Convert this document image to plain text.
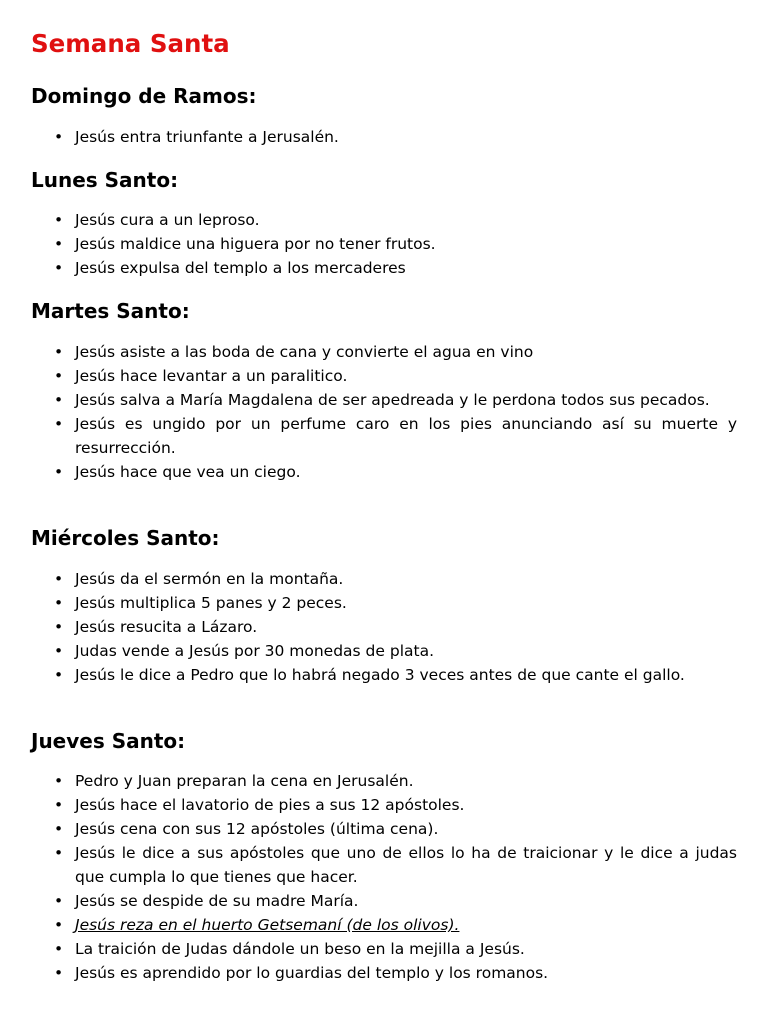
Semana Santa
Domingo de Ramos:
• Jesús entra triunfante a Jerusalén.
Lunes Santo:
• Jesús cura a un leproso.
• Jesús maldice una higuera por no tener frutos.
• Jesús expulsa del templo a los mercaderes
Martes Santo:
• Jesús asiste a las boda de cana y convierte el agua en vino
• Jesús hace levantar a un paralitico.
• Jesús salva a María Magdalena de ser apedreada y le perdona todos sus pecados.
• Jesús es ungido por un perfume caro en los pies anunciando así su muerte y resurrección.
• Jesús hace que vea un ciego.
Miércoles Santo:
• Jesús da el sermón en la montaña.
• Jesús multiplica 5 panes y 2 peces.
• Jesús resucita a Lázaro.
• Judas vende a Jesús por 30 monedas de plata.
• Jesús le dice a Pedro que lo habrá negado 3 veces antes de que cante el gallo.
Jueves Santo:
• Pedro y Juan preparan la cena en Jerusalén.
• Jesús hace el lavatorio de pies a sus 12 apóstoles.
• Jesús cena con sus 12 apóstoles (última cena).
• Jesús le dice a sus apóstoles que uno de ellos lo ha de traicionar y le dice a judas que cumpla lo que tienes que hacer.
• Jesús se despide de su madre María.
• Jesús reza en el huerto Getsemaní (de los olivos).
• La traición de Judas dándole un beso en la mejilla a Jesús.
• Jesús es aprendido por lo guardias del templo y los romanos.
